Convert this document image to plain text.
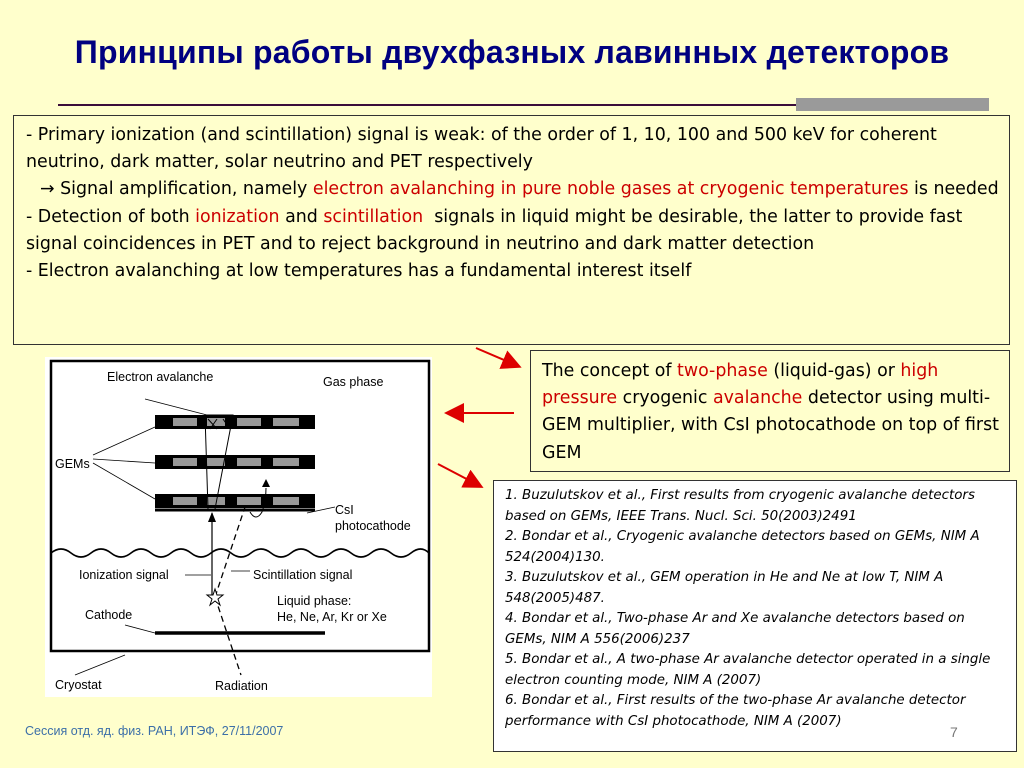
Принципы работы двухфазных лавинных детекторов

- Primary ionization (and scintillation) signal is weak: of the order of 1, 10, 100 and 500 keV for coherent neutrino, dark matter, solar neutrino and PET respectively

→ Signal amplification, namely electron avalanching in pure noble gases at cryogenic temperatures is needed

- Detection of both ionization and scintillation  signals in liquid might be desirable, the latter to provide fast signal coincidences in PET and to reject background in neutrino and dark matter detection

- Electron avalanching at low temperatures has a fundamental interest itself

Electron avalanche	Gas phase
GEMs
CsI
photocathode
Ionization signal	Scintillation signal
Cathode
Liquid phase:
He, Ne, Ar, Kr or Xe
Cryostat	Radiation
The concept of two-phase (liquid-gas) or high pressure cryogenic avalanche detector using multi-GEM multiplier, with CsI photocathode on top of first GEM
1. Buzulutskov et al., First results from cryogenic avalanche detectors based on GEMs, IEEE Trans. Nucl. Sci. 50(2003)2491
2. Bondar et al., Cryogenic avalanche detectors based on GEMs, NIM A 524(2004)130.
3. Buzulutskov et al., GEM operation in He and Ne at low T, NIM A 548(2005)487.
4. Bondar et al., Two-phase Ar and Xe avalanche detectors based on GEMs, NIM A 556(2006)237
5. Bondar et al., A two-phase Ar avalanche detector operated in a single electron counting mode, NIM A (2007)
6. Bondar et al., First results of the two-phase Ar avalanche detector performance with CsI photocathode, NIM A (2007)
Сессия отд. яд. физ. РАН, ИТЭФ, 27/11/2007	7
